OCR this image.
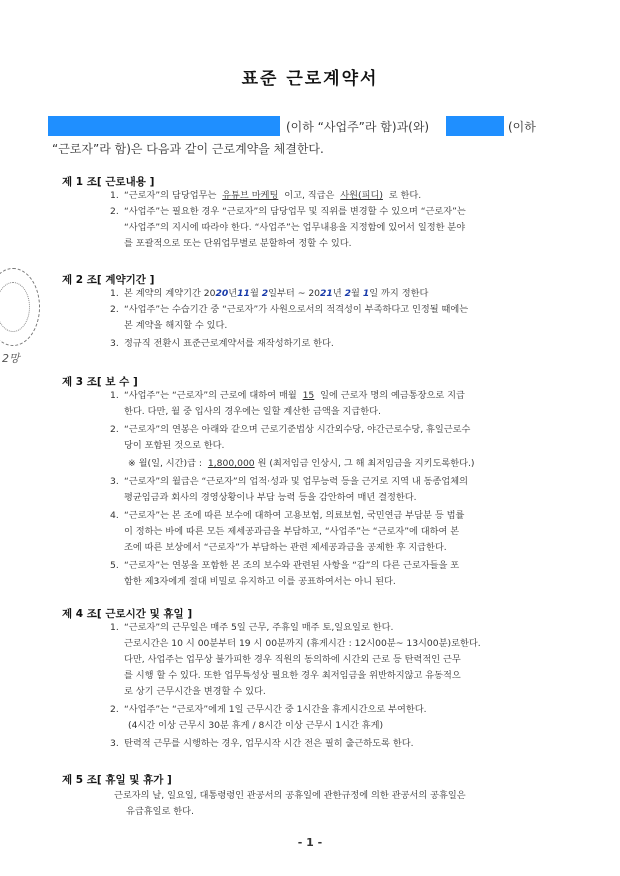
2망
표준 근로계약서
(이하 “사업주”라 함)과(와)	(이하
“근로자”라 함)은 다음과 같이 근로계약을 체결한다.
제 1 조[ 근로내용 ]
1. “근로자”의 담당업무는 유튜브 마케팅 이고, 직급은 사원(피디) 로 한다.
2. “사업주”는 필요한 경우 “근로자”의 담당업무 및 직위를 변경할 수 있으며 “근로자”는
“사업주”의 지시에 따라야 한다. “사업주”는 업무내용을 지정함에 있어서 일정한 분야
를 포괄적으로 또는 단위업무별로 분할하여 정할 수 있다.
제 2 조[ 계약기간 ]
1. 본 계약의 계약기간 2020년11월 2일부터 ~ 2021년 2월 1일 까지 정한다
2. “사업주”는 수습기간 중 “근로자”가 사원으로서의 적격성이 부족하다고 인정될 때에는
본 계약을 해지할 수 있다.
3. 정규직 전환시 표준근로계약서를 재작성하기로 한다.
제 3 조[ 보 수 ]
1. “사업주”는 “근로자”의 근로에 대하여 매월 15 일에 근로자 명의 예금통장으로 지급
한다. 다만, 월 중 입사의 경우에는 일할 계산한 금액을 지급한다.
2. “근로자”의 연봉은 아래와 같으며 근로기준법상 시간외수당, 야간근로수당, 휴일근로수
당이 포함된 것으로 한다.
※ 월(일, 시간)급 : 1,800,000 원 (최저임금 인상시, 그 해 최저임금을 지키도록한다.)
3. “근로자”의 월급은 “근로자”의 업적·성과 및 업무능력 등을 근거로 지역 내 동종업체의
평균임금과 회사의 경영상황이나 부담 능력 등을 감안하여 매년 결정한다.
4. “근로자”는 본 조에 따른 보수에 대하여 고용보험, 의료보험, 국민연금 부담분 등 법률
이 정하는 바에 따른 모든 제세공과금을 부담하고, “사업주”는 “근로자”에 대하여 본
조에 따른 보상에서 “근로자”가 부담하는 관련 제세공과금을 공제한 후 지급한다.
5. “근로자”는 연봉을 포함한 본 조의 보수와 관련된 사항을 “갑”의 다른 근로자들을 포
함한 제3자에게 절대 비밀로 유지하고 이를 공표하여서는 아니 된다.
제 4 조[ 근로시간 및 휴일 ]
1. “근로자”의 근무일은 매주 5일 근무, 주휴일 매주 토,일요일로 한다.
근로시간은 10 시 00분부터 19 시 00분까지 (휴게시간 : 12시00분~ 13시00분)로한다.
다만, 사업주는 업무상 불가피한 경우 직원의 동의하에 시간외 근로 등 탄력적인 근무
를 시행 할 수 있다. 또한 업무특성상 필요한 경우 최저임금을 위반하지않고 유동적으
로 상기 근무시간을 변경할 수 있다.
2. “사업주”는 “근로자”에게 1일 근무시간 중 1시간을 휴게시간으로 부여한다.
(4시간 이상 근무시 30분 휴게 / 8시간 이상 근무시 1시간 휴게)
3. 탄력적 근무를 시행하는 경우, 업무시작 시간 전은 필히 출근하도록 한다.
제 5 조[ 휴일 및 휴가 ]
근로자의 날, 일요일, 대통령령인 관공서의 공휴일에 관한규정에 의한 관공서의 공휴일은
유급휴일로 한다.
- 1 -
